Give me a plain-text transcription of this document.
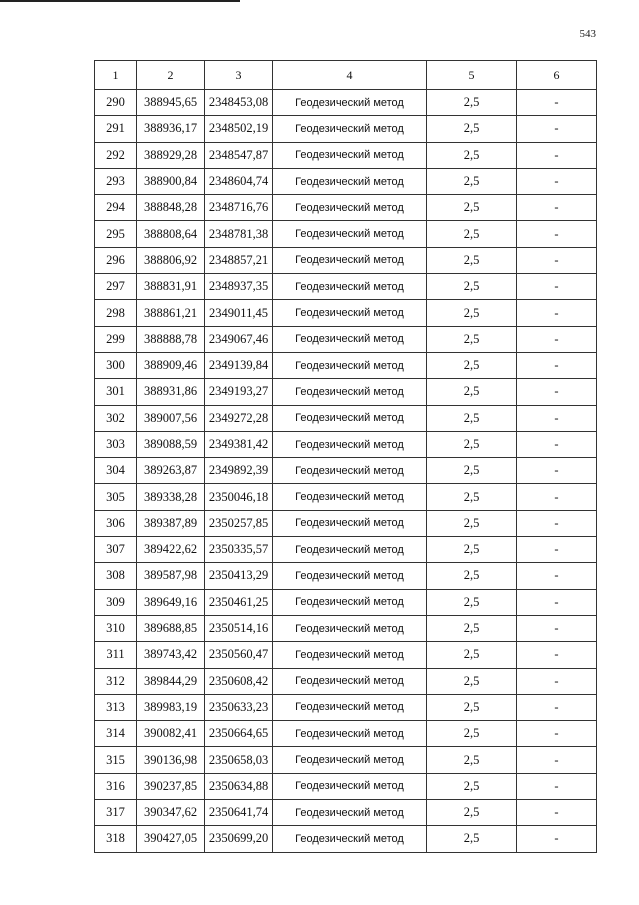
543
1	2	3	4	5	6
290	388945,65	2348453,08	Геодезический метод	2,5	-
291	388936,17	2348502,19	Геодезический метод	2,5	-
292	388929,28	2348547,87	Геодезический метод	2,5	-
293	388900,84	2348604,74	Геодезический метод	2,5	-
294	388848,28	2348716,76	Геодезический метод	2,5	-
295	388808,64	2348781,38	Геодезический метод	2,5	-
296	388806,92	2348857,21	Геодезический метод	2,5	-
297	388831,91	2348937,35	Геодезический метод	2,5	-
298	388861,21	2349011,45	Геодезический метод	2,5	-
299	388888,78	2349067,46	Геодезический метод	2,5	-
300	388909,46	2349139,84	Геодезический метод	2,5	-
301	388931,86	2349193,27	Геодезический метод	2,5	-
302	389007,56	2349272,28	Геодезический метод	2,5	-
303	389088,59	2349381,42	Геодезический метод	2,5	-
304	389263,87	2349892,39	Геодезический метод	2,5	-
305	389338,28	2350046,18	Геодезический метод	2,5	-
306	389387,89	2350257,85	Геодезический метод	2,5	-
307	389422,62	2350335,57	Геодезический метод	2,5	-
308	389587,98	2350413,29	Геодезический метод	2,5	-
309	389649,16	2350461,25	Геодезический метод	2,5	-
310	389688,85	2350514,16	Геодезический метод	2,5	-
311	389743,42	2350560,47	Геодезический метод	2,5	-
312	389844,29	2350608,42	Геодезический метод	2,5	-
313	389983,19	2350633,23	Геодезический метод	2,5	-
314	390082,41	2350664,65	Геодезический метод	2,5	-
315	390136,98	2350658,03	Геодезический метод	2,5	-
316	390237,85	2350634,88	Геодезический метод	2,5	-
317	390347,62	2350641,74	Геодезический метод	2,5	-
318	390427,05	2350699,20	Геодезический метод	2,5	-
